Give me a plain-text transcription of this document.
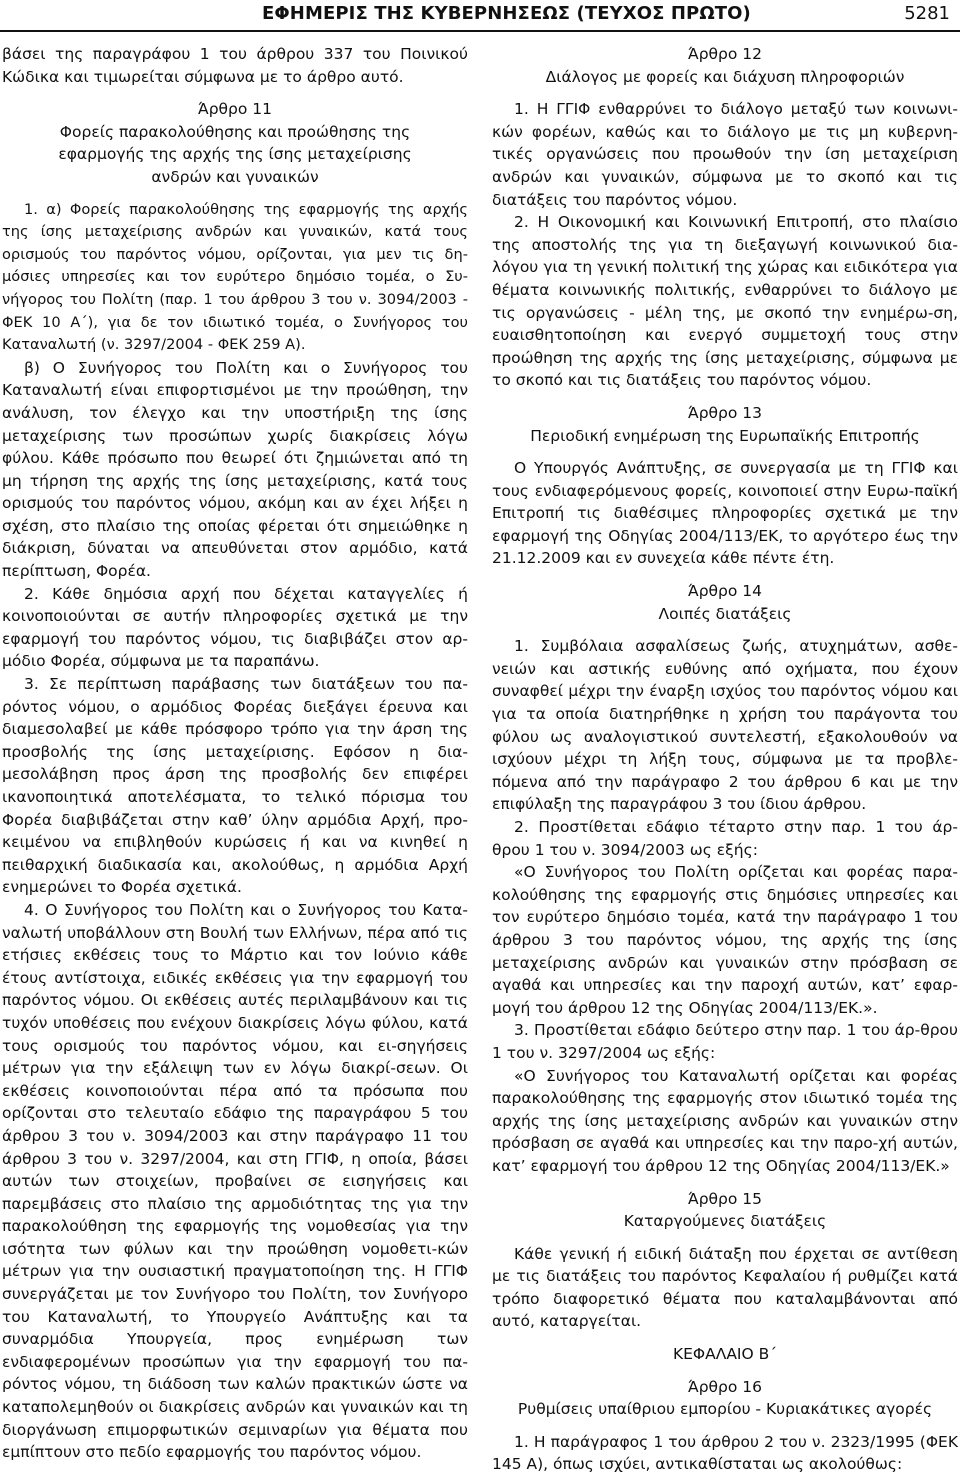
ΕΦΗΜΕΡΙΣ ΤΗΣ ΚΥΒΕΡΝΗΣΕΩΣ (ΤΕΥΧΟΣ ΠΡΩΤΟ)	5281

βάσει της παραγράφου 1 του άρθρου 337 του Ποινικού Κώδικα και τιμωρείται σύμφωνα με το άρθρο αυτό.

Άρθρο 11
Φορείς παρακολούθησης και προώθησης της
εφαρμογής της αρχής της ίσης μεταχείρισης
ανδρών και γυναικών

1. α) Φορείς παρακολούθησης της εφαρμογής της αρχής της ίσης μεταχείρισης ανδρών και γυναικών, κατά τους ορισμούς του παρόντος νόμου, ορίζονται, για μεν τις δη-μόσιες υπηρεσίες και τον ευρύτερο δημόσιο τομέα, ο Συ-νήγορος του Πολίτη (παρ. 1 του άρθρου 3 του ν. 3094/2003 - ΦΕΚ 10 Α΄), για δε τον ιδιωτικό τομέα, ο Συνήγορος του Καταναλωτή (ν. 3297/2004 - ΦΕΚ 259 Α).

β) Ο Συνήγορος του Πολίτη και ο Συνήγορος του Καταναλωτή είναι επιφορτισμένοι με την προώθηση, την ανάλυση, τον έλεγχο και την υποστήριξη της ίσης μεταχείρισης των προσώπων χωρίς διακρίσεις λόγω φύλου. Κάθε πρόσωπο που θεωρεί ότι ζημιώνεται από τη μη τήρηση της αρχής της ίσης μεταχείρισης, κατά τους ορισμούς του παρόντος νόμου, ακόμη και αν έχει λήξει η σχέση, στο πλαίσιο της οποίας φέρεται ότι σημειώθηκε η διάκριση, δύναται να απευθύνεται στον αρμόδιο, κατά περίπτωση, Φορέα.

2. Κάθε δημόσια αρχή που δέχεται καταγγελίες ή κοινοποιούνται σε αυτήν πληροφορίες σχετικά με την εφαρμογή του παρόντος νόμου, τις διαβιβάζει στον αρ-μόδιο Φορέα, σύμφωνα με τα παραπάνω.

3. Σε περίπτωση παράβασης των διατάξεων του πα-ρόντος νόμου, ο αρμόδιος Φορέας διεξάγει έρευνα και διαμεσολαβεί με κάθε πρόσφορο τρόπο για την άρση της προσβολής της ίσης μεταχείρισης. Εφόσον η δια-μεσολάβηση προς άρση της προσβολής δεν επιφέρει ικανοποιητικά αποτελέσματα, το τελικό πόρισμα του Φορέα διαβιβάζεται στην καθ’ ύλην αρμόδια Αρχή, προ-κειμένου να επιβληθούν κυρώσεις ή και να κινηθεί η πειθαρχική διαδικασία και, ακολούθως, η αρμόδια Αρχή ενημερώνει το Φορέα σχετικά.

4. Ο Συνήγορος του Πολίτη και ο Συνήγορος του Κατα-ναλωτή υποβάλλουν στη Βουλή των Ελλήνων, πέρα από τις ετήσιες εκθέσεις τους το Μάρτιο και τον Ιούνιο κάθε έτους αντίστοιχα, ειδικές εκθέσεις για την εφαρμογή του παρόντος νόμου. Οι εκθέσεις αυτές περιλαμβάνουν και τις τυχόν υποθέσεις που ενέχουν διακρίσεις λόγω φύλου, κατά τους ορισμούς του παρόντος νόμου, και ει-σηγήσεις μέτρων για την εξάλειψη των εν λόγω διακρί-σεων. Οι εκθέσεις κοινοποιούνται πέρα από τα πρόσωπα που ορίζονται στο τελευταίο εδάφιο της παραγράφου 5 του άρθρου 3 του ν. 3094/2003 και στην παράγραφο 11 του άρθρου 3 του ν. 3297/2004, και στη ΓΓΙΦ, η οποία, βάσει αυτών των στοιχείων, προβαίνει σε εισηγήσεις και παρεμβάσεις στο πλαίσιο της αρμοδιότητας της για την παρακολούθηση της εφαρμογής της νομοθεσίας για την ισότητα των φύλων και την προώθηση νομοθετι-κών μέτρων για την ουσιαστική πραγματοποίηση της. Η ΓΓΙΦ συνεργάζεται με τον Συνήγορο του Πολίτη, τον Συνήγορο του Καταναλωτή, το Υπουργείο Ανάπτυξης και τα συναρμόδια Υπουργεία, προς ενημέρωση των ενδιαφερομένων προσώπων για την εφαρμογή του πα-ρόντος νόμου, τη διάδοση των καλών πρακτικών ώστε να καταπολεμηθούν οι διακρίσεις ανδρών και γυναικών και τη διοργάνωση επιμορφωτικών σεμιναρίων για θέματα που εμπίπτουν στο πεδίο εφαρμογής του παρόντος νόμου.

Άρθρο 12
Διάλογος με φορείς και διάχυση πληροφοριών

1. Η ΓΓΙΦ ενθαρρύνει το διάλογο μεταξύ των κοινωνι-κών φορέων, καθώς και το διάλογο με τις μη κυβερνη-τικές οργανώσεις που προωθούν την ίση μεταχείριση ανδρών και γυναικών, σύμφωνα με το σκοπό και τις διατάξεις του παρόντος νόμου.

2. Η Οικονομική και Κοινωνική Επιτροπή, στο πλαίσιο της αποστολής της για τη διεξαγωγή κοινωνικού δια-λόγου για τη γενική πολιτική της χώρας και ειδικότερα για θέματα κοινωνικής πολιτικής, ενθαρρύνει το διάλογο με τις οργανώσεις - μέλη της, με σκοπό την ενημέρω-ση, ευαισθητοποίηση και ενεργό συμμετοχή τους στην προώθηση της αρχής της ίσης μεταχείρισης, σύμφωνα με το σκοπό και τις διατάξεις του παρόντος νόμου.

Άρθρο 13
Περιοδική ενημέρωση της Ευρωπαϊκής Επιτροπής

Ο Υπουργός Ανάπτυξης, σε συνεργασία με τη ΓΓΙΦ και τους ενδιαφερόμενους φορείς, κοινοποιεί στην Ευρω-παϊκή Επιτροπή τις διαθέσιμες πληροφορίες σχετικά με την εφαρμογή της Οδηγίας 2004/113/ΕΚ, το αργότερο έως την 21.12.2009 και εν συνεχεία κάθε πέντε έτη.

Άρθρο 14
Λοιπές διατάξεις

1. Συμβόλαια ασφαλίσεως ζωής, ατυχημάτων, ασθε-νειών και αστικής ευθύνης από οχήματα, που έχουν συναφθεί μέχρι την έναρξη ισχύος του παρόντος νόμου και για τα οποία διατηρήθηκε η χρήση του παράγοντα του φύλου ως αναλογιστικού συντελεστή, εξακολουθούν να ισχύουν μέχρι τη λήξη τους, σύμφωνα με τα προβλε-πόμενα από την παράγραφο 2 του άρθρου 6 και με την επιφύλαξη της παραγράφου 3 του ίδιου άρθρου.

2. Προστίθεται εδάφιο τέταρτο στην παρ. 1 του άρ-θρου 1 του ν. 3094/2003 ως εξής:

«Ο Συνήγορος του Πολίτη ορίζεται και φορέας παρα-κολούθησης της εφαρμογής στις δημόσιες υπηρεσίες και τον ευρύτερο δημόσιο τομέα, κατά την παράγραφο 1 του άρθρου 3 του παρόντος νόμου, της αρχής της ίσης μεταχείρισης ανδρών και γυναικών στην πρόσβαση σε αγαθά και υπηρεσίες και την παροχή αυτών, κατ’ εφαρ-μογή του άρθρου 12 της Οδηγίας 2004/113/ΕΚ.».

3. Προστίθεται εδάφιο δεύτερο στην παρ. 1 του άρ-θρου 1 του ν. 3297/2004 ως εξής:

«Ο Συνήγορος του Καταναλωτή ορίζεται και φορέας παρακολούθησης της εφαρμογής στον ιδιωτικό τομέα της αρχής της ίσης μεταχείρισης ανδρών και γυναικών στην πρόσβαση σε αγαθά και υπηρεσίες και την παρο-χή αυτών, κατ’ εφαρμογή του άρθρου 12 της Οδηγίας 2004/113/ΕΚ.»

Άρθρο 15
Καταργούμενες διατάξεις

Κάθε γενική ή ειδική διάταξη που έρχεται σε αντίθεση με τις διατάξεις του παρόντος Κεφαλαίου ή ρυθμίζει κατά τρόπο διαφορετικό θέματα που καταλαμβάνονται από αυτό, καταργείται.

ΚΕΦΑΛΑΙΟ Β΄
Άρθρο 16
Ρυθμίσεις υπαίθριου εμπορίου - Κυριακάτικες αγορές

1. Η παράγραφος 1 του άρθρου 2 του ν. 2323/1995 (ΦΕΚ 145 Α), όπως ισχύει, αντικαθίσταται ως ακολούθως:
